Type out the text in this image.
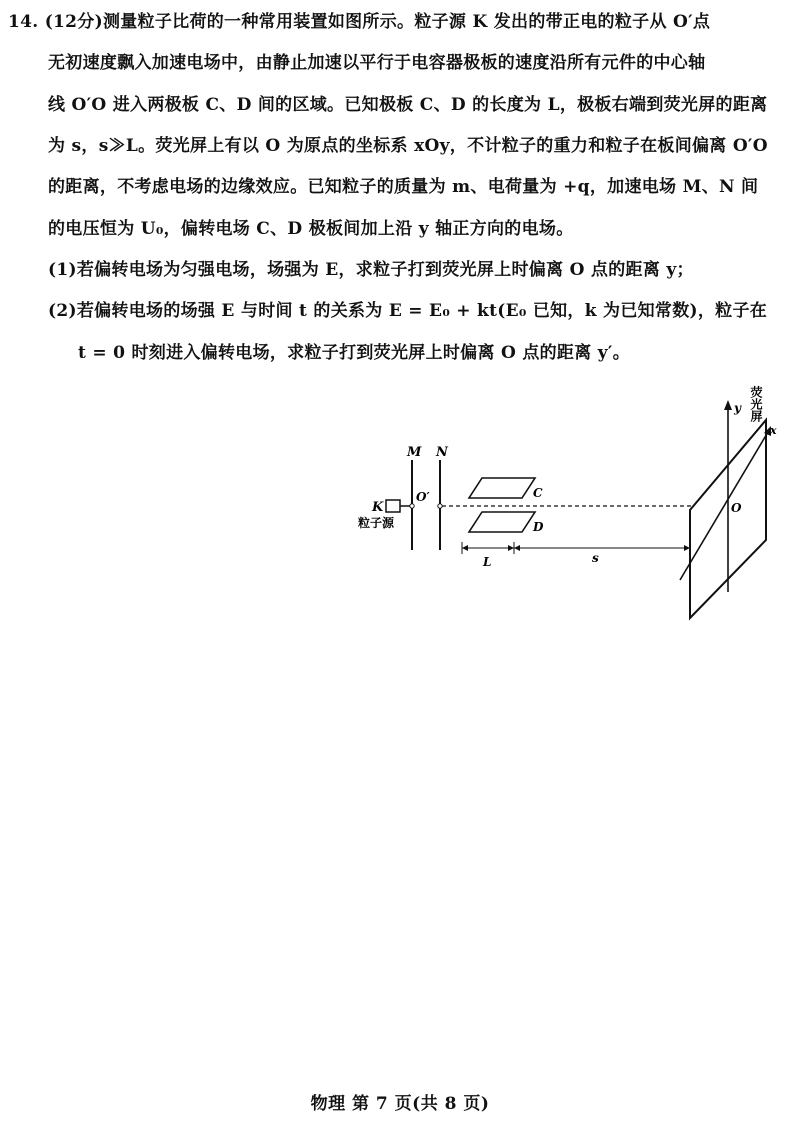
14. (12分)测量粒子比荷的一种常用装置如图所示。粒子源 K 发出的带正电的粒子从 O′点
无初速度飘入加速电场中，由静止加速以平行于电容器极板的速度沿所有元件的中心轴
线 O′O 进入两极板 C、D 间的区域。已知极板 C、D 的长度为 L，极板右端到荧光屏的距离
为 s，s≫L。荧光屏上有以 O 为原点的坐标系 xOy，不计粒子的重力和粒子在板间偏离 O′O
的距离，不考虑电场的边缘效应。已知粒子的质量为 m、电荷量为 +q，加速电场 M、N 间
的电压恒为 U₀，偏转电场 C、D 极板间加上沿 y 轴正方向的电场。
(1)若偏转电场为匀强电场，场强为 E，求粒子打到荧光屏上时偏离 O 点的距离 y；
(2)若偏转电场的场强 E 与时间 t 的关系为 E = E₀ + kt(E₀ 已知，k 为已知常数)，粒子在
t = 0 时刻进入偏转电场，求粒子打到荧光屏上时偏离 O 点的距离 y′。
M N
K
粒子源
O′	C
D
L	s
y
x
O
荧光屏
物理 第 7 页(共 8 页)
